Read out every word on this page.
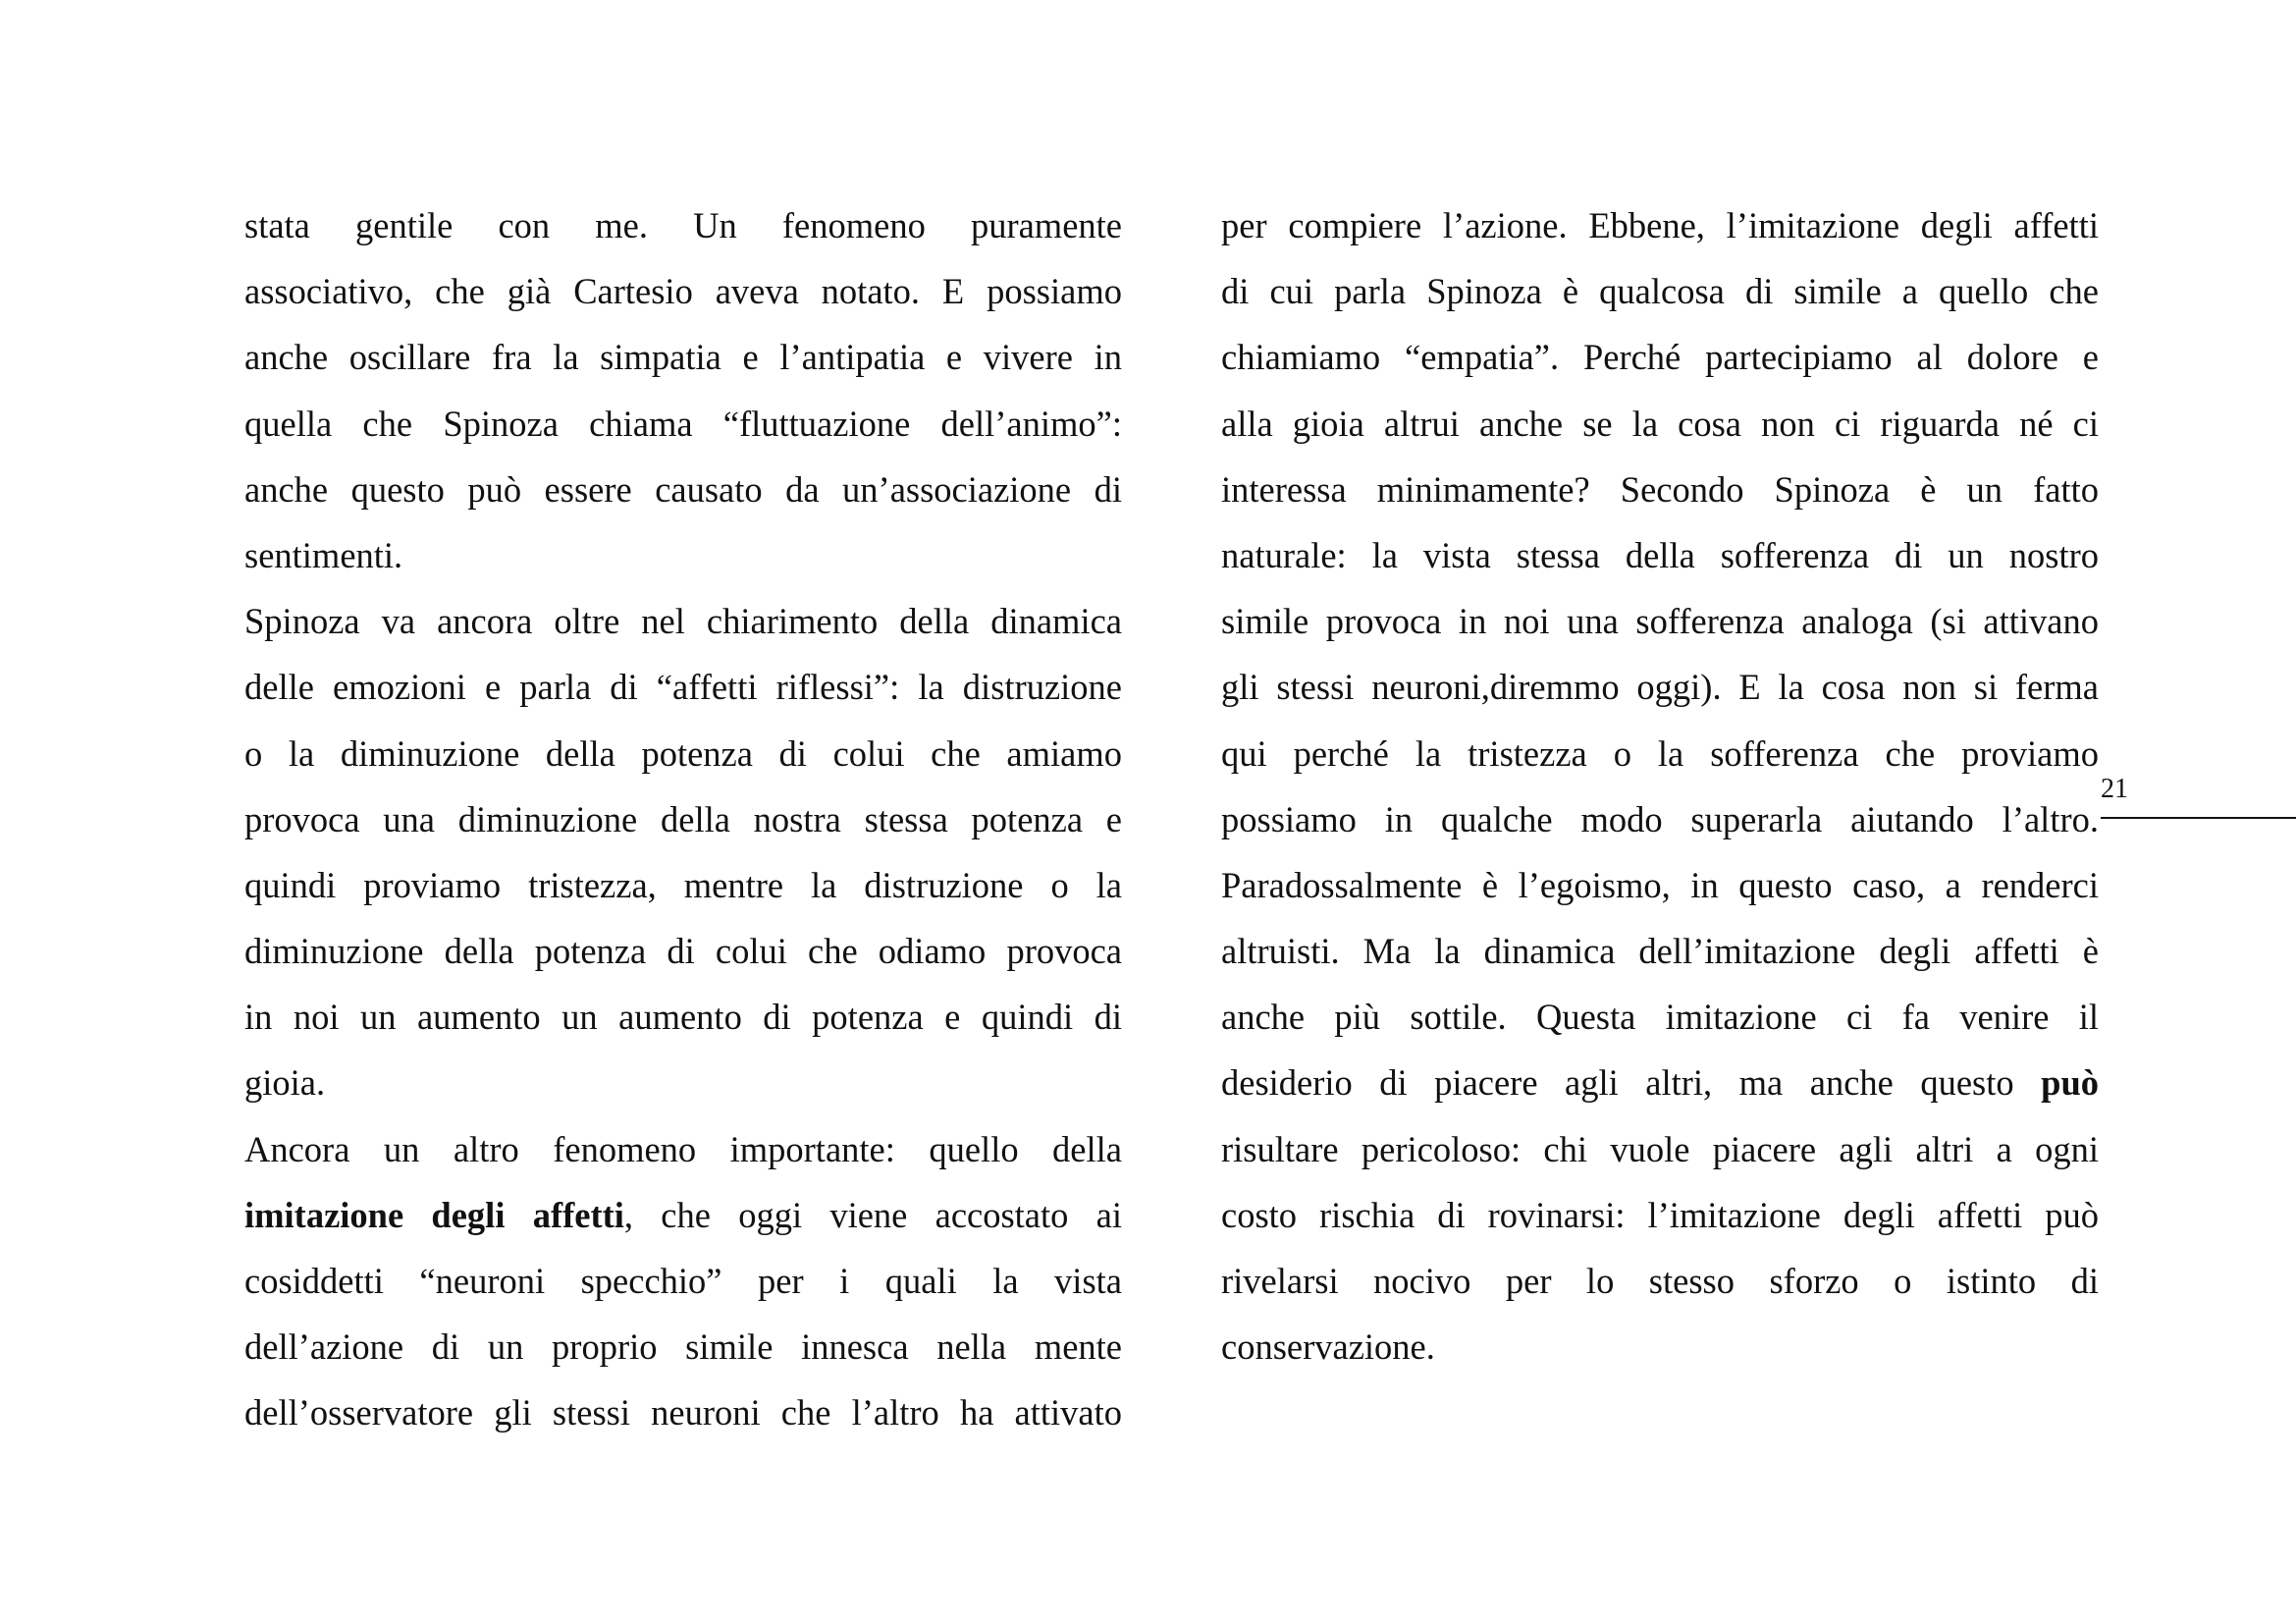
stata gentile con me. Un fenomeno puramente
associativo, che già Cartesio aveva notato. E possiamo
anche oscillare fra la simpatia e l’antipatia e vivere in
quella che Spinoza chiama “fluttuazione dell’animo”:
anche questo può essere causato da un’associazione di
sentimenti.
Spinoza va ancora oltre nel chiarimento della dinamica
delle emozioni e parla di “affetti riflessi”: la distruzione
o la diminuzione della potenza di colui che amiamo
provoca una diminuzione della nostra stessa potenza e
quindi proviamo tristezza, mentre la distruzione o la
diminuzione della potenza di colui che odiamo provoca
in noi un aumento un aumento di potenza e quindi di
gioia.
Ancora un altro fenomeno importante: quello della
imitazione degli affetti, che oggi viene accostato ai
cosiddetti “neuroni specchio” per i quali la vista
dell’azione di un proprio simile innesca nella mente
dell’osservatore gli stessi neuroni che l’altro ha attivato
per compiere l’azione. Ebbene, l’imitazione degli affetti
di cui parla Spinoza è qualcosa di simile a quello che
chiamiamo “empatia”. Perché partecipiamo al dolore e
alla gioia altrui anche se la cosa non ci riguarda né ci
interessa minimamente? Secondo Spinoza è un fatto
naturale: la vista stessa della sofferenza di un nostro
simile provoca in noi una sofferenza analoga (si attivano
gli stessi neuroni,diremmo oggi). E la cosa non si ferma
qui perché la tristezza o la sofferenza che proviamo
possiamo in qualche modo superarla aiutando l’altro.
Paradossalmente è l’egoismo, in questo caso, a renderci
altruisti. Ma la dinamica dell’imitazione degli affetti è
anche più sottile. Questa imitazione ci fa venire il
desiderio di piacere agli altri, ma anche questo può
risultare pericoloso: chi vuole piacere agli altri a ogni
costo rischia di rovinarsi: l’imitazione degli affetti può
rivelarsi nocivo per lo stesso sforzo o istinto di
conservazione.
21
